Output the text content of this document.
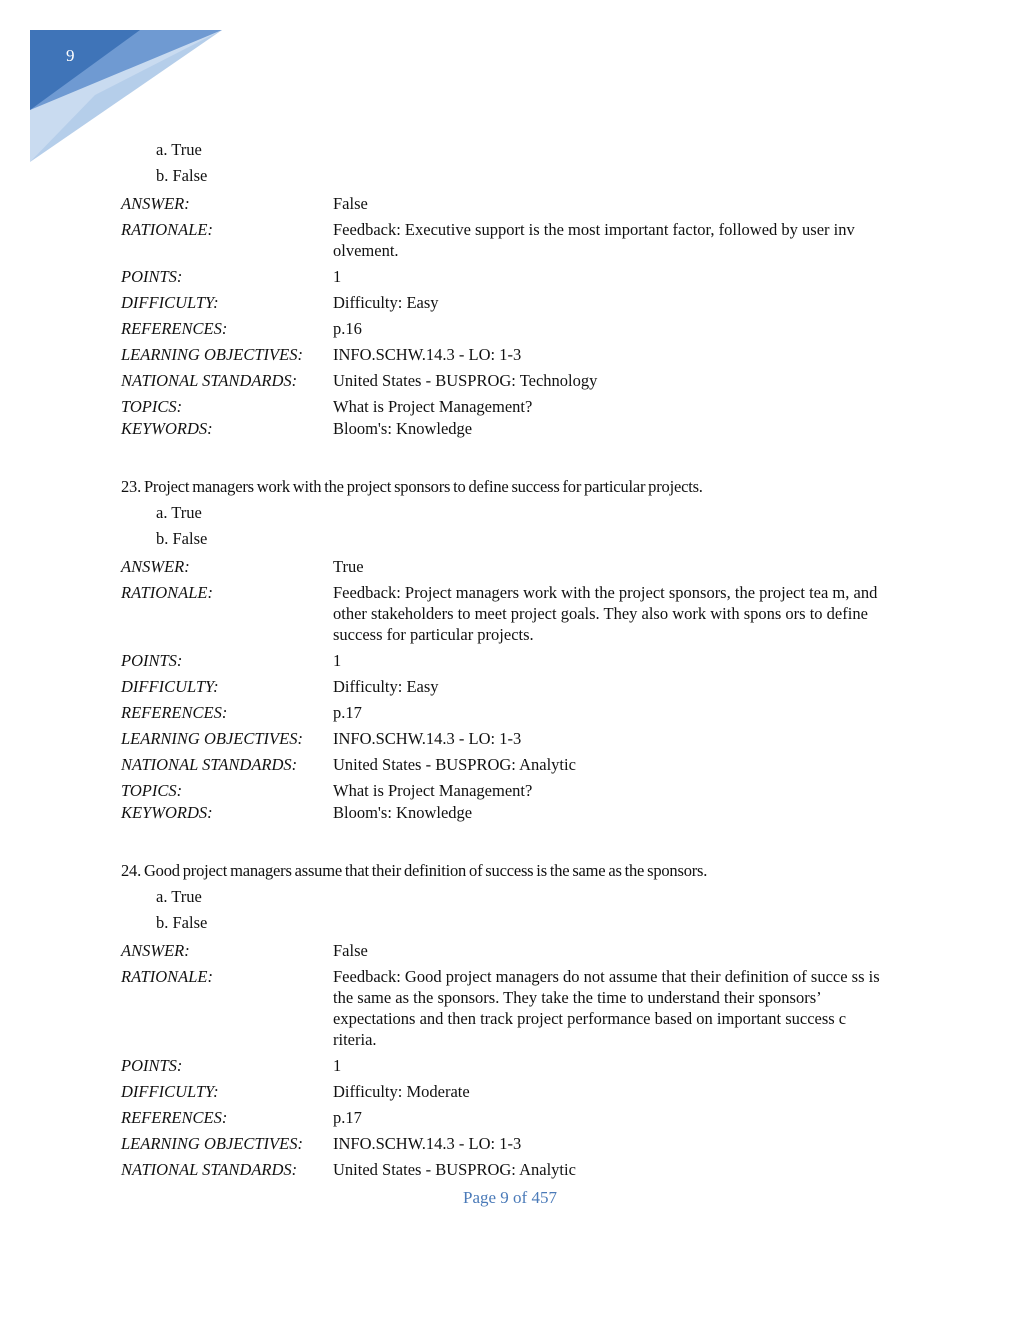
9
a. True
b. False
ANSWER:	False
RATIONALE:	Feedback: Executive support is the most important factor, followed by user inv olvement.
POINTS:	1
DIFFICULTY:	Difficulty: Easy
REFERENCES:	p.16
LEARNING OBJECTIVES:	INFO.SCHW.14.3 - LO: 1-3
NATIONAL STANDARDS:	United States - BUSPROG: Technology
TOPICS:	What is Project Management?
KEYWORDS:	Bloom's: Knowledge
23. Project managers work with the project sponsors to define success for particular projects.
a. True
b. False
ANSWER:	True
RATIONALE:	Feedback: Project managers work with the project sponsors, the project tea m, and other stakeholders to meet project goals. They also work with spons ors to define success for particular projects.
POINTS:	1
DIFFICULTY:	Difficulty: Easy
REFERENCES:	p.17
LEARNING OBJECTIVES:	INFO.SCHW.14.3 - LO: 1-3
NATIONAL STANDARDS:	United States - BUSPROG: Analytic
TOPICS:	What is Project Management?
KEYWORDS:	Bloom's: Knowledge
24. Good project managers assume that their definition of success is the same as the sponsors.
a. True
b. False
ANSWER:	False
RATIONALE:	Feedback: Good project managers do not assume that their definition of succe ss is the same as the sponsors. They take the time to understand their sponsors’ expectations and then track project performance based on important success c riteria.
POINTS:	1
DIFFICULTY:	Difficulty: Moderate
REFERENCES:	p.17
LEARNING OBJECTIVES:	INFO.SCHW.14.3 - LO: 1-3
NATIONAL STANDARDS:	United States - BUSPROG: Analytic
Page 9 of 457
